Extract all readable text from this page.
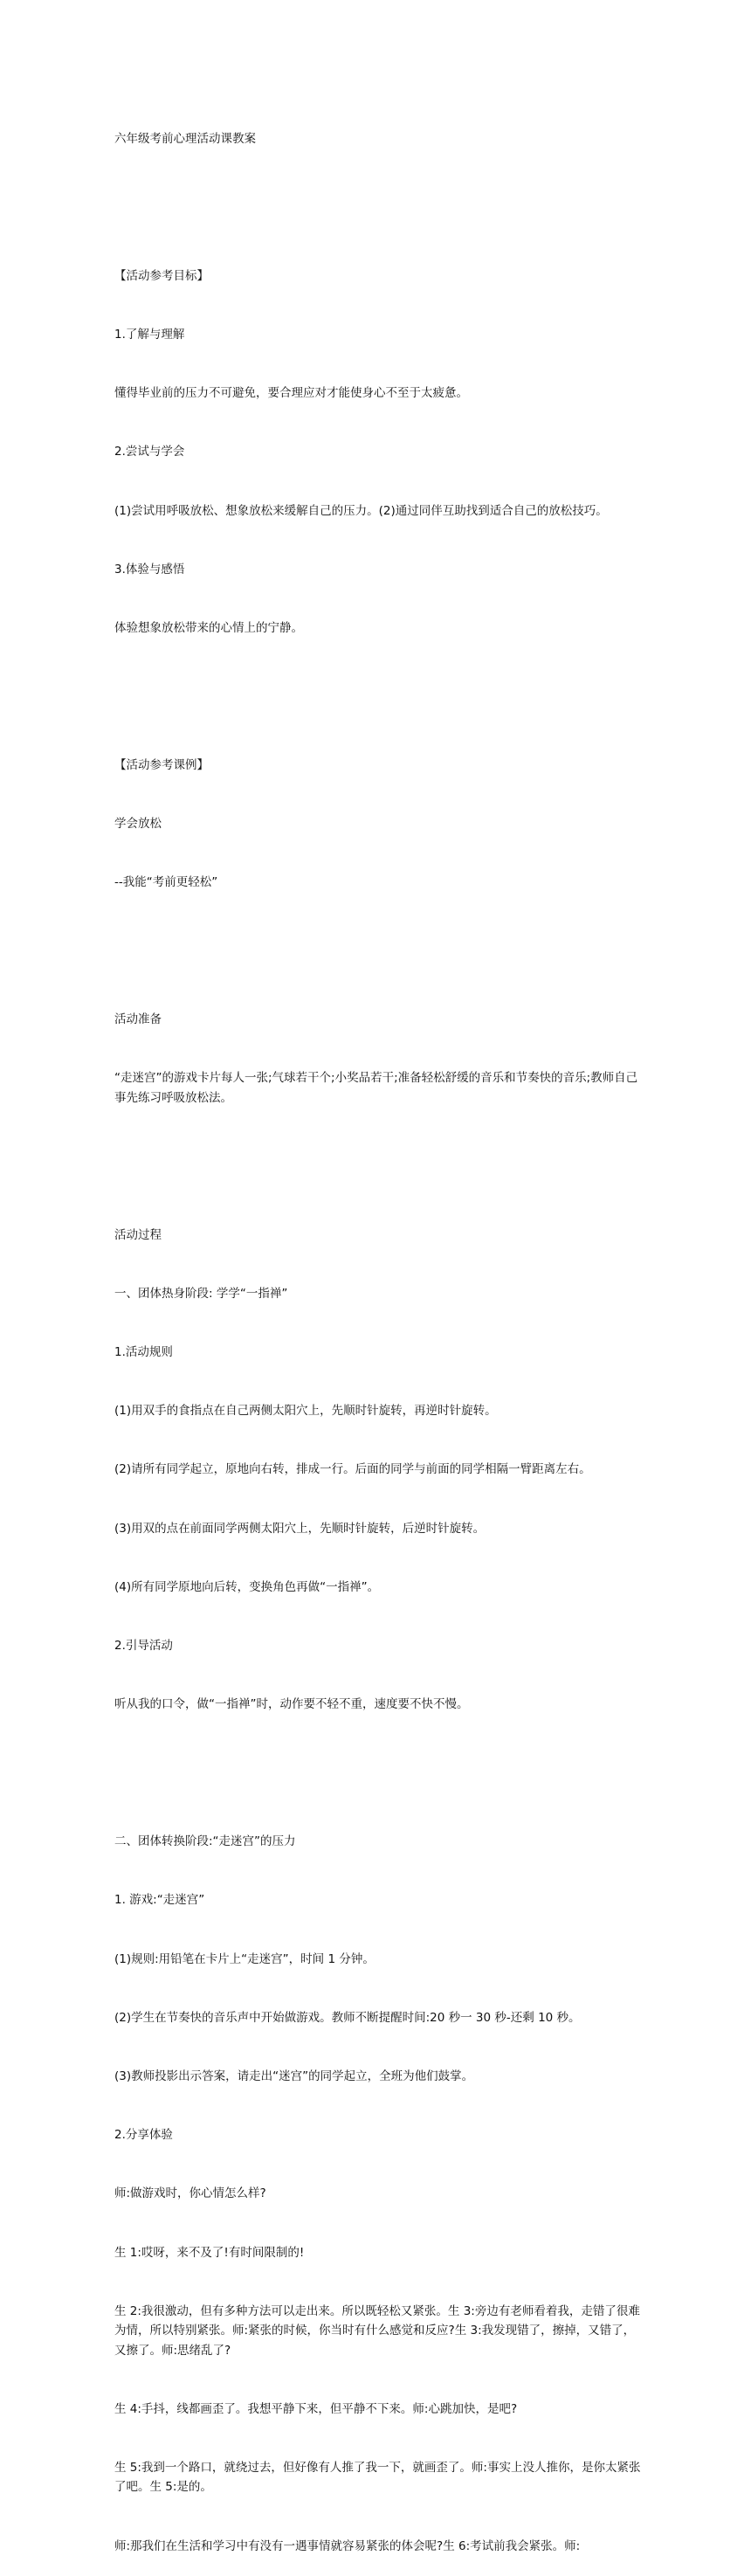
六年级考前心理活动课教案

【活动参考目标】

1.了解与理解

懂得毕业前的压力不可避免，要合理应对才能使身心不至于太疲惫。

2.尝试与学会

(1)尝试用呼吸放松、想象放松来缓解自己的压力。(2)通过同伴互助找到适合自己的放松技巧。

3.体验与感悟

体验想象放松带来的心情上的宁静。

【活动参考课例】

学会放松

--我能“考前更轻松”

活动准备

“走迷宫”的游戏卡片每人一张;气球若干个;小奖品若干;准备轻松舒缓的音乐和节奏快的音乐;教师自己事先练习呼吸放松法。

活动过程

一、团体热身阶段: 学学“一指禅”

1.活动规则

(1)用双手的食指点在自己两侧太阳穴上，先顺时针旋转，再逆时针旋转。

(2)请所有同学起立，原地向右转，排成一行。后面的同学与前面的同学相隔一臂距离左右。

(3)用双的点在前面同学两侧太阳穴上，先顺时针旋转，后逆时针旋转。

(4)所有同学原地向后转，变换角色再做“一指禅”。

2.引导活动

听从我的口令，做“一指禅”时，动作要不轻不重，速度要不快不慢。

二、团体转换阶段:“走迷宫”的压力

1. 游戏:“走迷宫”

(1)规则:用铅笔在卡片上“走迷宫”，时间 1 分钟。

(2)学生在节奏快的音乐声中开始做游戏。教师不断提醒时间:20 秒一 30 秒-还剩 10 秒。

(3)教师投影出示答案，请走出“迷宫”的同学起立，全班为他们鼓掌。

2.分享体验

师:做游戏时，你心情怎么样?

生 1:哎呀，来不及了!有时间限制的!

生 2:我很激动，但有多种方法可以走出来。所以既轻松又紧张。生 3:旁边有老师看着我，走错了很难为情，所以特别紧张。师:紧张的时候，你当时有什么感觉和反应?生 3:我发现错了，擦掉，又错了，又擦了。师:思绪乱了?

生 4:手抖，线都画歪了。我想平静下来，但平静不下来。师:心跳加快，是吧?

生 5:我到一个路口，就绕过去，但好像有人推了我一下，就画歪了。师:事实上没人推你，是你太紧张了吧。生 5:是的。

师:那我们在生活和学习中有没有一遇事情就容易紧张的体会呢?生 6:考试前我会紧张。师:
